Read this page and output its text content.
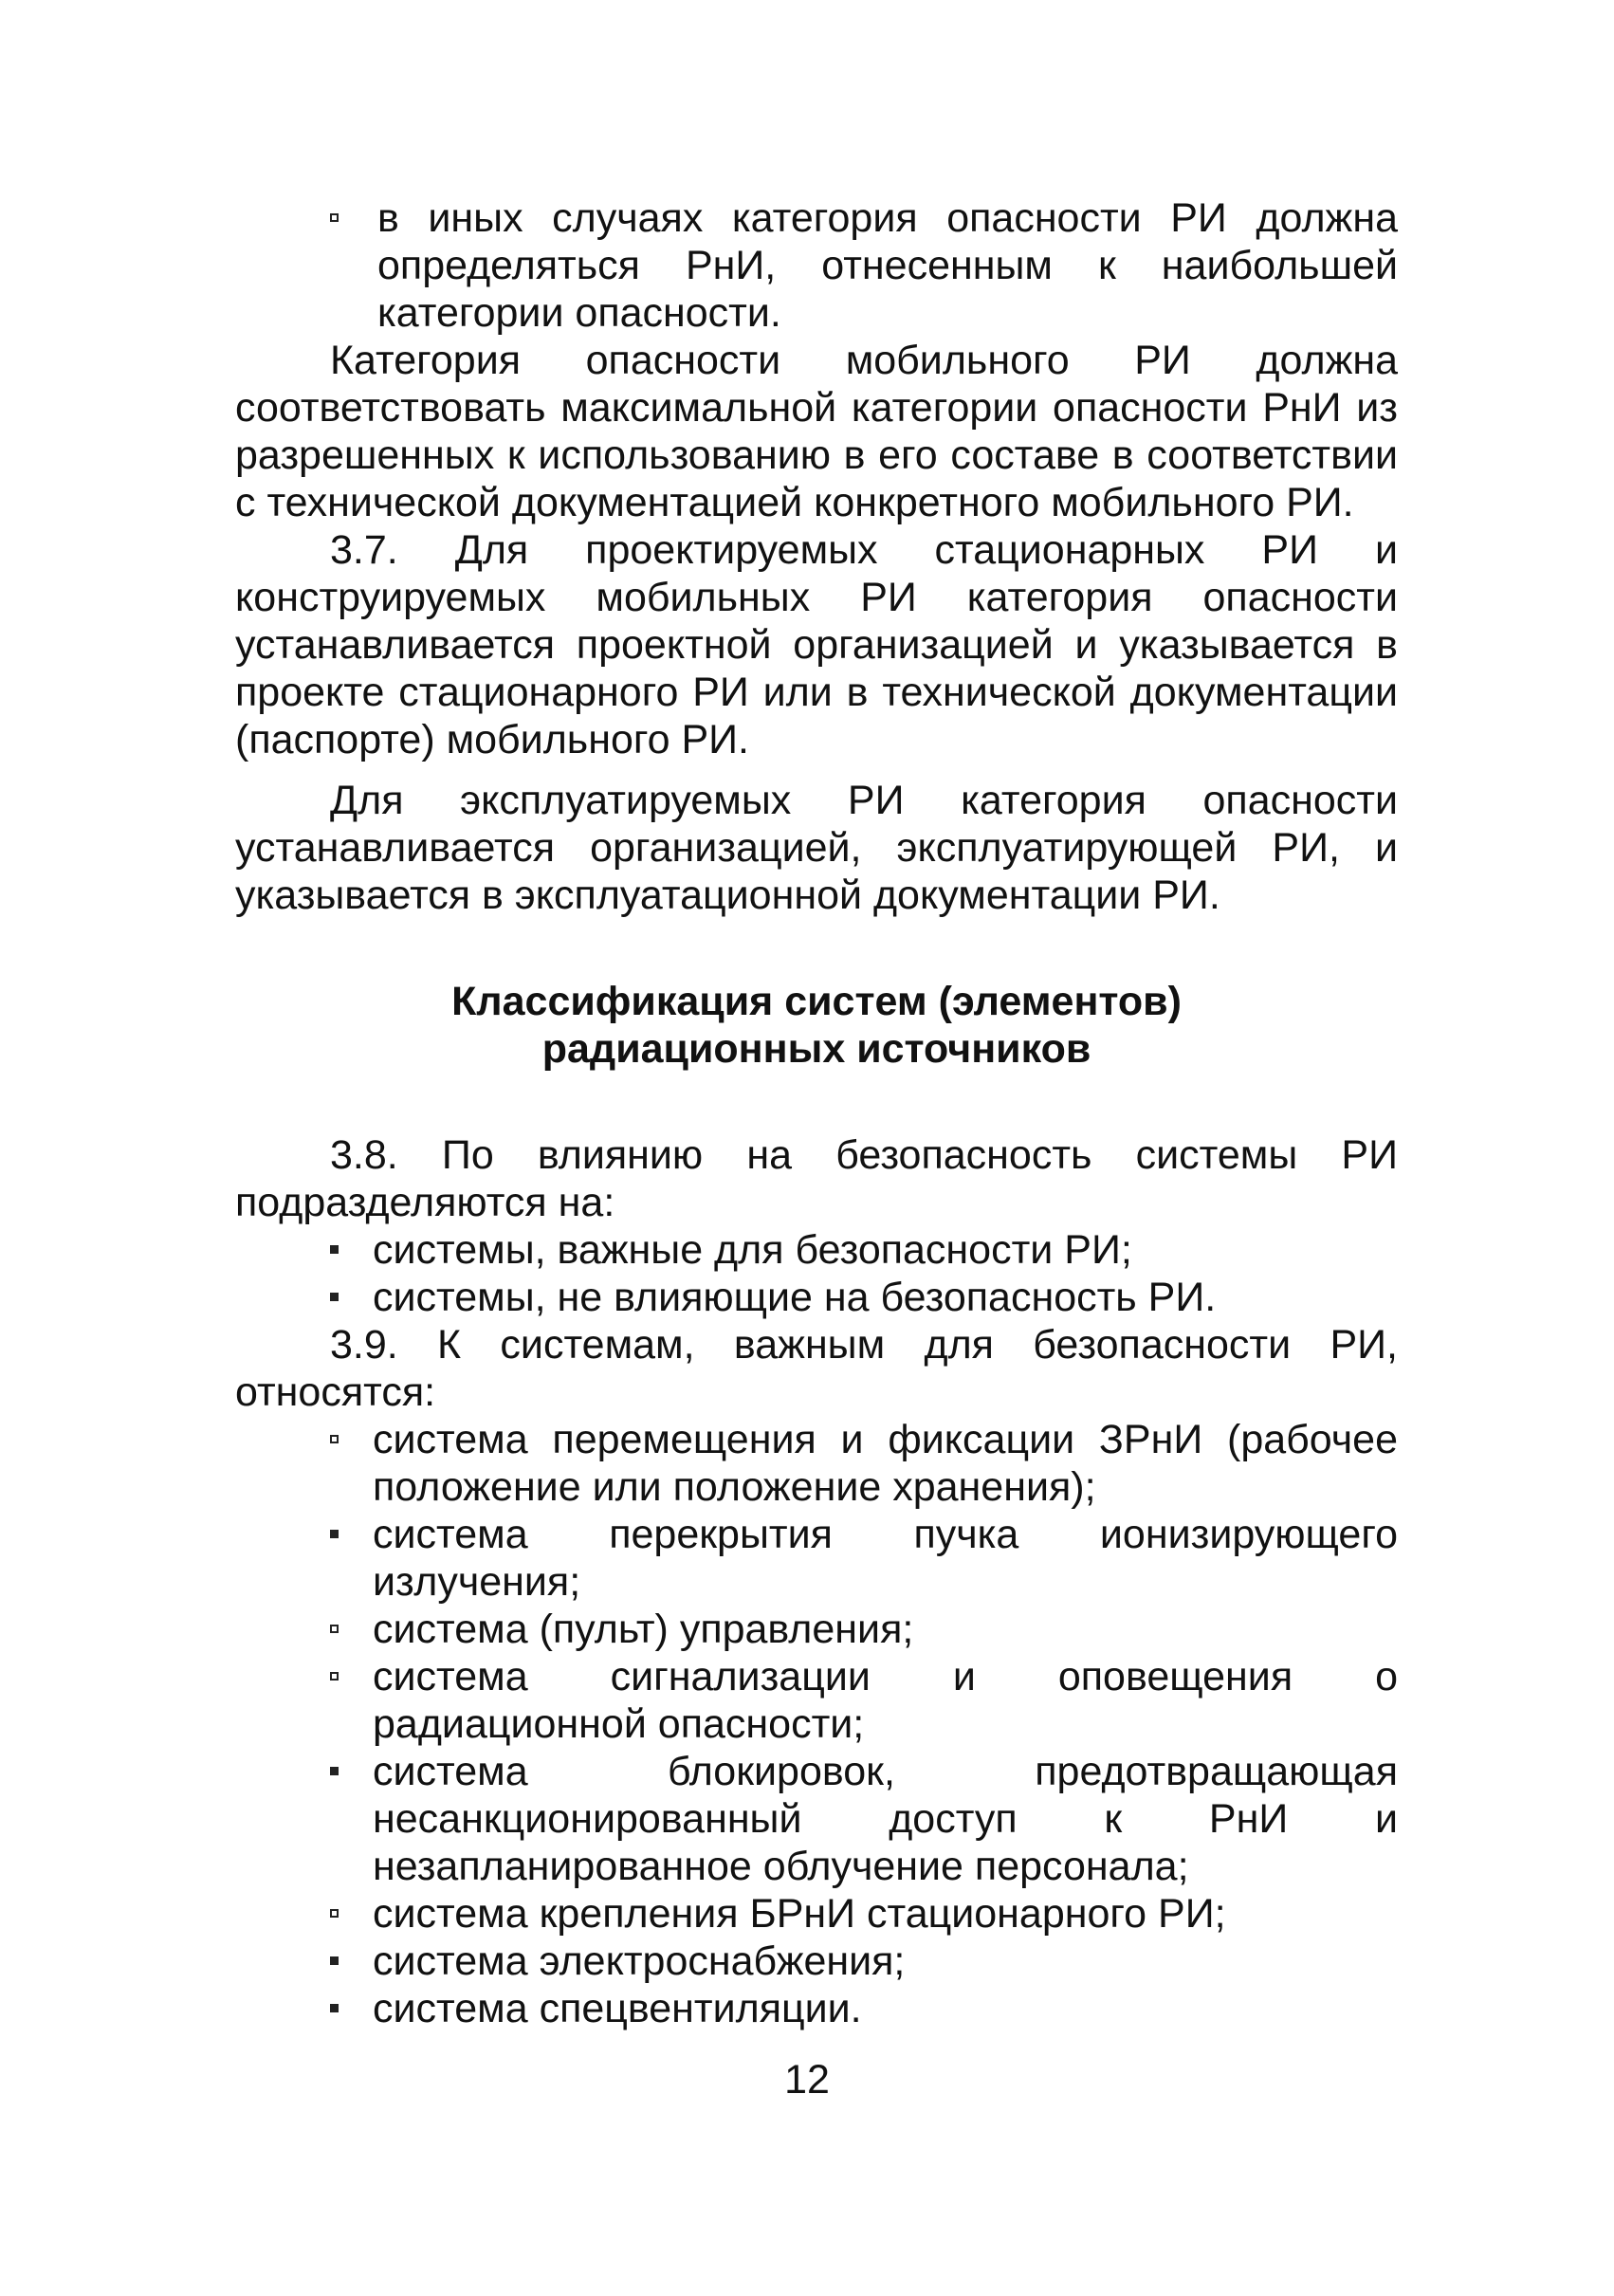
в иных случаях категория опасности РИ должна определяться РнИ, отнесенным к наибольшей категории опасности.

Категория опасности мобильного РИ должна соответствовать максимальной категории опасности РнИ из разрешенных к использованию в его составе в соответствии с технической документацией конкретного мобильного РИ.

3.7. Для проектируемых стационарных РИ и конструируемых мобильных РИ категория опасности устанавливается проектной организацией и указывается в проекте стационарного РИ или в технической документации (паспорте) мобильного РИ.

Для эксплуатируемых РИ категория опасности устанавливается организацией, эксплуатирующей РИ, и указывается в эксплуатационной документации РИ.

Классификация систем (элементов)
радиационных источников

3.8. По влиянию на безопасность системы РИ подразделяются на:

системы, важные для безопасности РИ;
системы, не влияющие на безопасность РИ.

3.9. К системам, важным для безопасности РИ, относятся:

система перемещения и фиксации ЗРнИ (рабочее положение или положение хранения);
система перекрытия пучка ионизирующего излучения;
система (пульт) управления;
система сигнализации и оповещения о радиационной опасности;
система блокировок, предотвращающая несанкционированный доступ к РнИ и незапланированное облучение персонала;
система крепления БРнИ стационарного РИ;
система электроснабжения;
система спецвентиляции.
12
